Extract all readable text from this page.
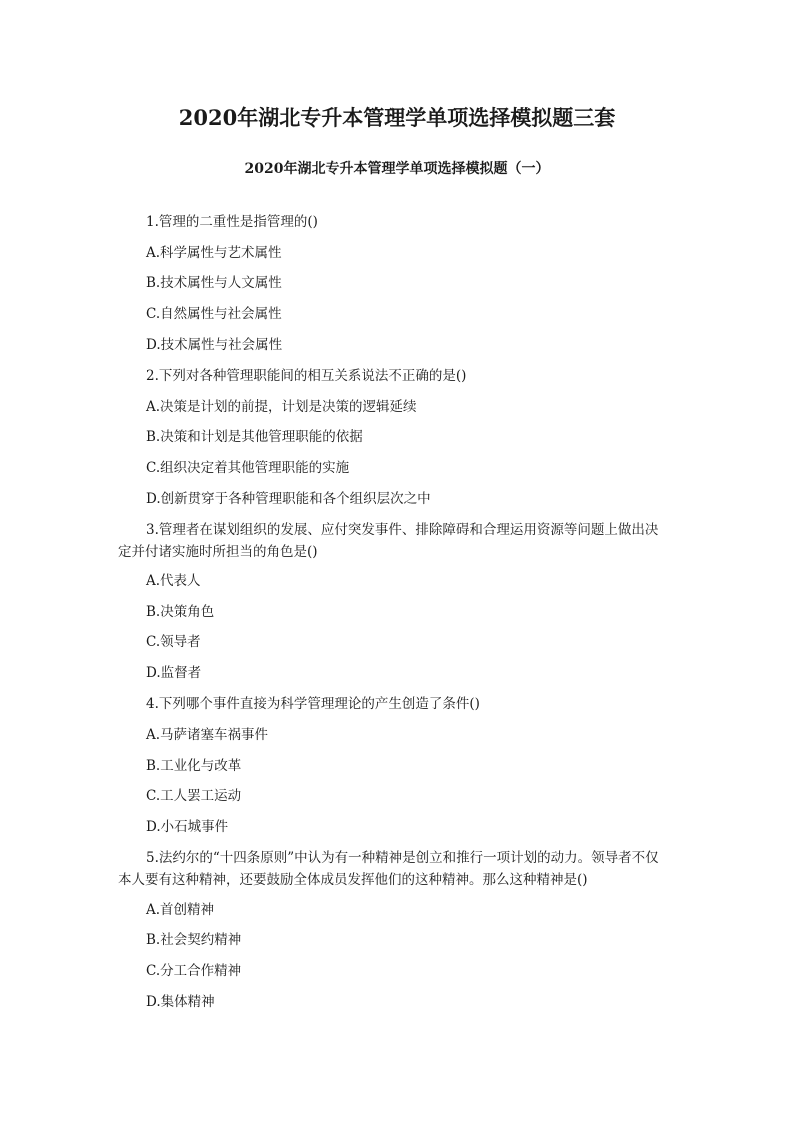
2020年湖北专升本管理学单项选择模拟题三套
2020年湖北专升本管理学单项选择模拟题（一）
1.管理的二重性是指管理的()
A.科学属性与艺术属性
B.技术属性与人文属性
C.自然属性与社会属性
D.技术属性与社会属性
2.下列对各种管理职能间的相互关系说法不正确的是()
A.决策是计划的前提，计划是决策的逻辑延续
B.决策和计划是其他管理职能的依据
C.组织决定着其他管理职能的实施
D.创新贯穿于各种管理职能和各个组织层次之中
3.管理者在谋划组织的发展、应付突发事件、排除障碍和合理运用资源等问题上做出决定并付诸实施时所担当的角色是()
A.代表人
B.决策角色
C.领导者
D.监督者
4.下列哪个事件直接为科学管理理论的产生创造了条件()
A.马萨诸塞车祸事件
B.工业化与改革
C.工人罢工运动
D.小石城事件
5.法约尔的“十四条原则”中认为有一种精神是创立和推行一项计划的动力。领导者不仅本人要有这种精神，还要鼓励全体成员发挥他们的这种精神。那么这种精神是()
A.首创精神
B.社会契约精神
C.分工合作精神
D.集体精神
